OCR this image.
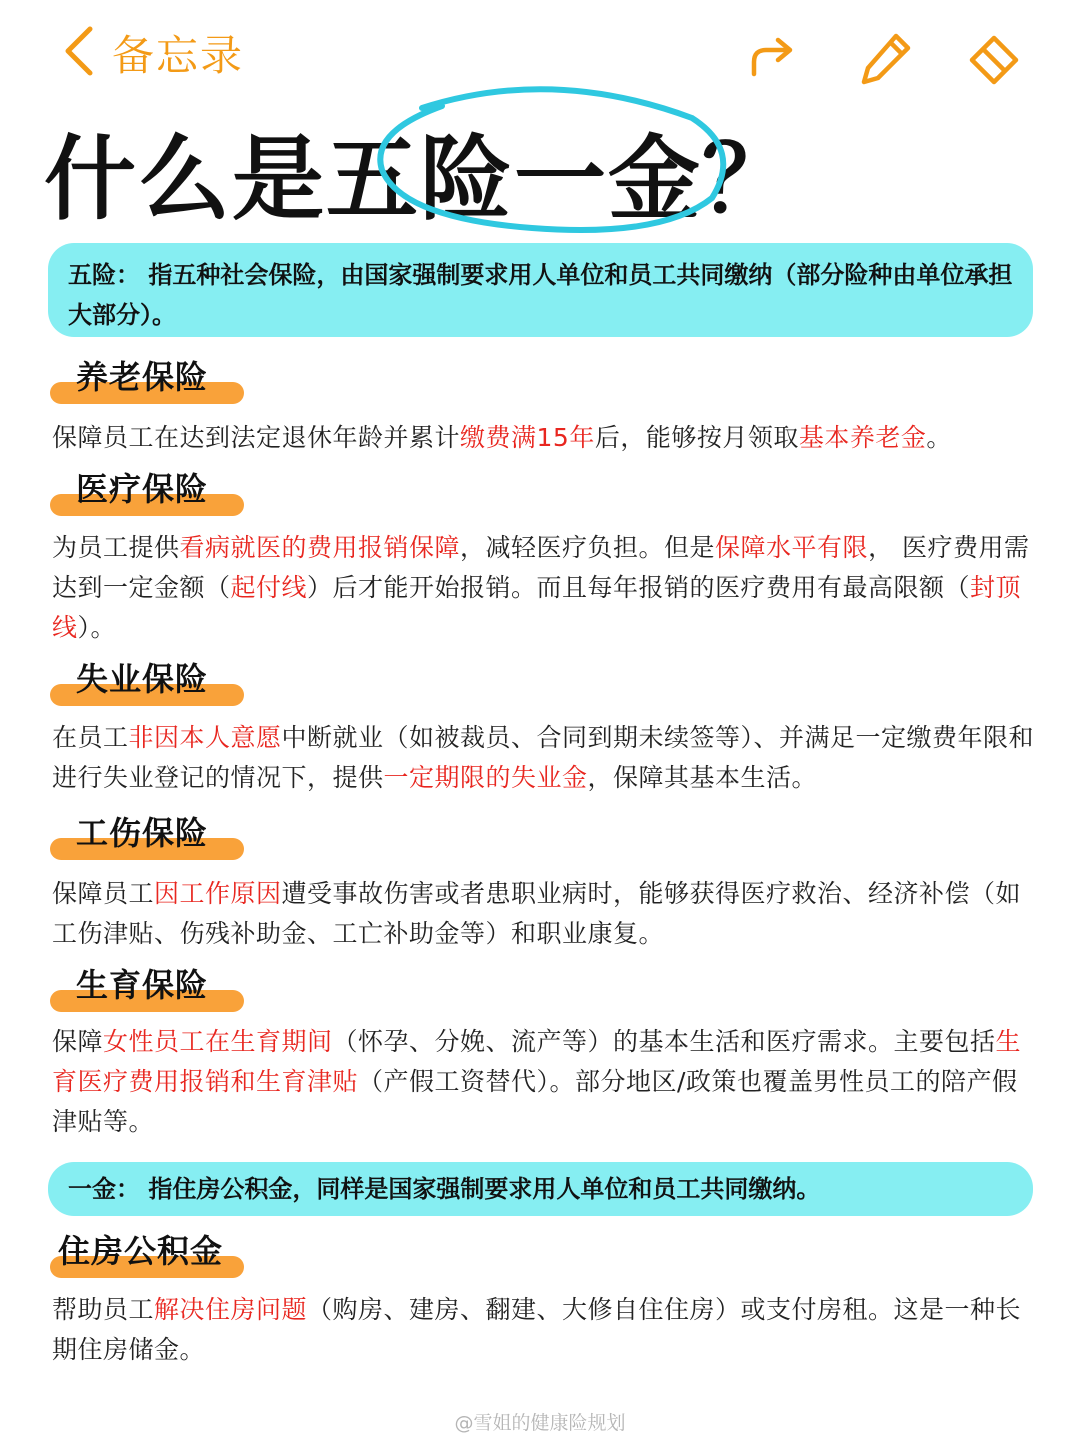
备忘录
什么是五险一金？
五险： 指五种社会保险，由国家强制要求用人单位和员工共同缴纳（部分险种由单位承担大部分）。
养老保险
保障员工在达到法定退休年龄并累计缴费满15年后，能够按月领取基本养老金。
医疗保险
为员工提供看病就医的费用报销保障，减轻医疗负担。但是保障水平有限， 医疗费用需达到一定金额（起付线）后才能开始报销。而且每年报销的医疗费用有最高限额（封顶线）。
失业保险
在员工非因本人意愿中断就业（如被裁员、合同到期未续签等）、并满足一定缴费年限和进行失业登记的情况下，提供一定期限的失业金，保障其基本生活。
工伤保险
保障员工因工作原因遭受事故伤害或者患职业病时，能够获得医疗救治、经济补偿（如工伤津贴、伤残补助金、工亡补助金等）和职业康复。
生育保险
保障女性员工在生育期间（怀孕、分娩、流产等）的基本生活和医疗需求。主要包括生育医疗费用报销和生育津贴（产假工资替代）。部分地区/政策也覆盖男性员工的陪产假津贴等。
一金： 指住房公积金，同样是国家强制要求用人单位和员工共同缴纳。
住房公积金
帮助员工解决住房问题（购房、建房、翻建、大修自住住房）或支付房租。这是一种长期住房储金。
@雪姐的健康险规划
